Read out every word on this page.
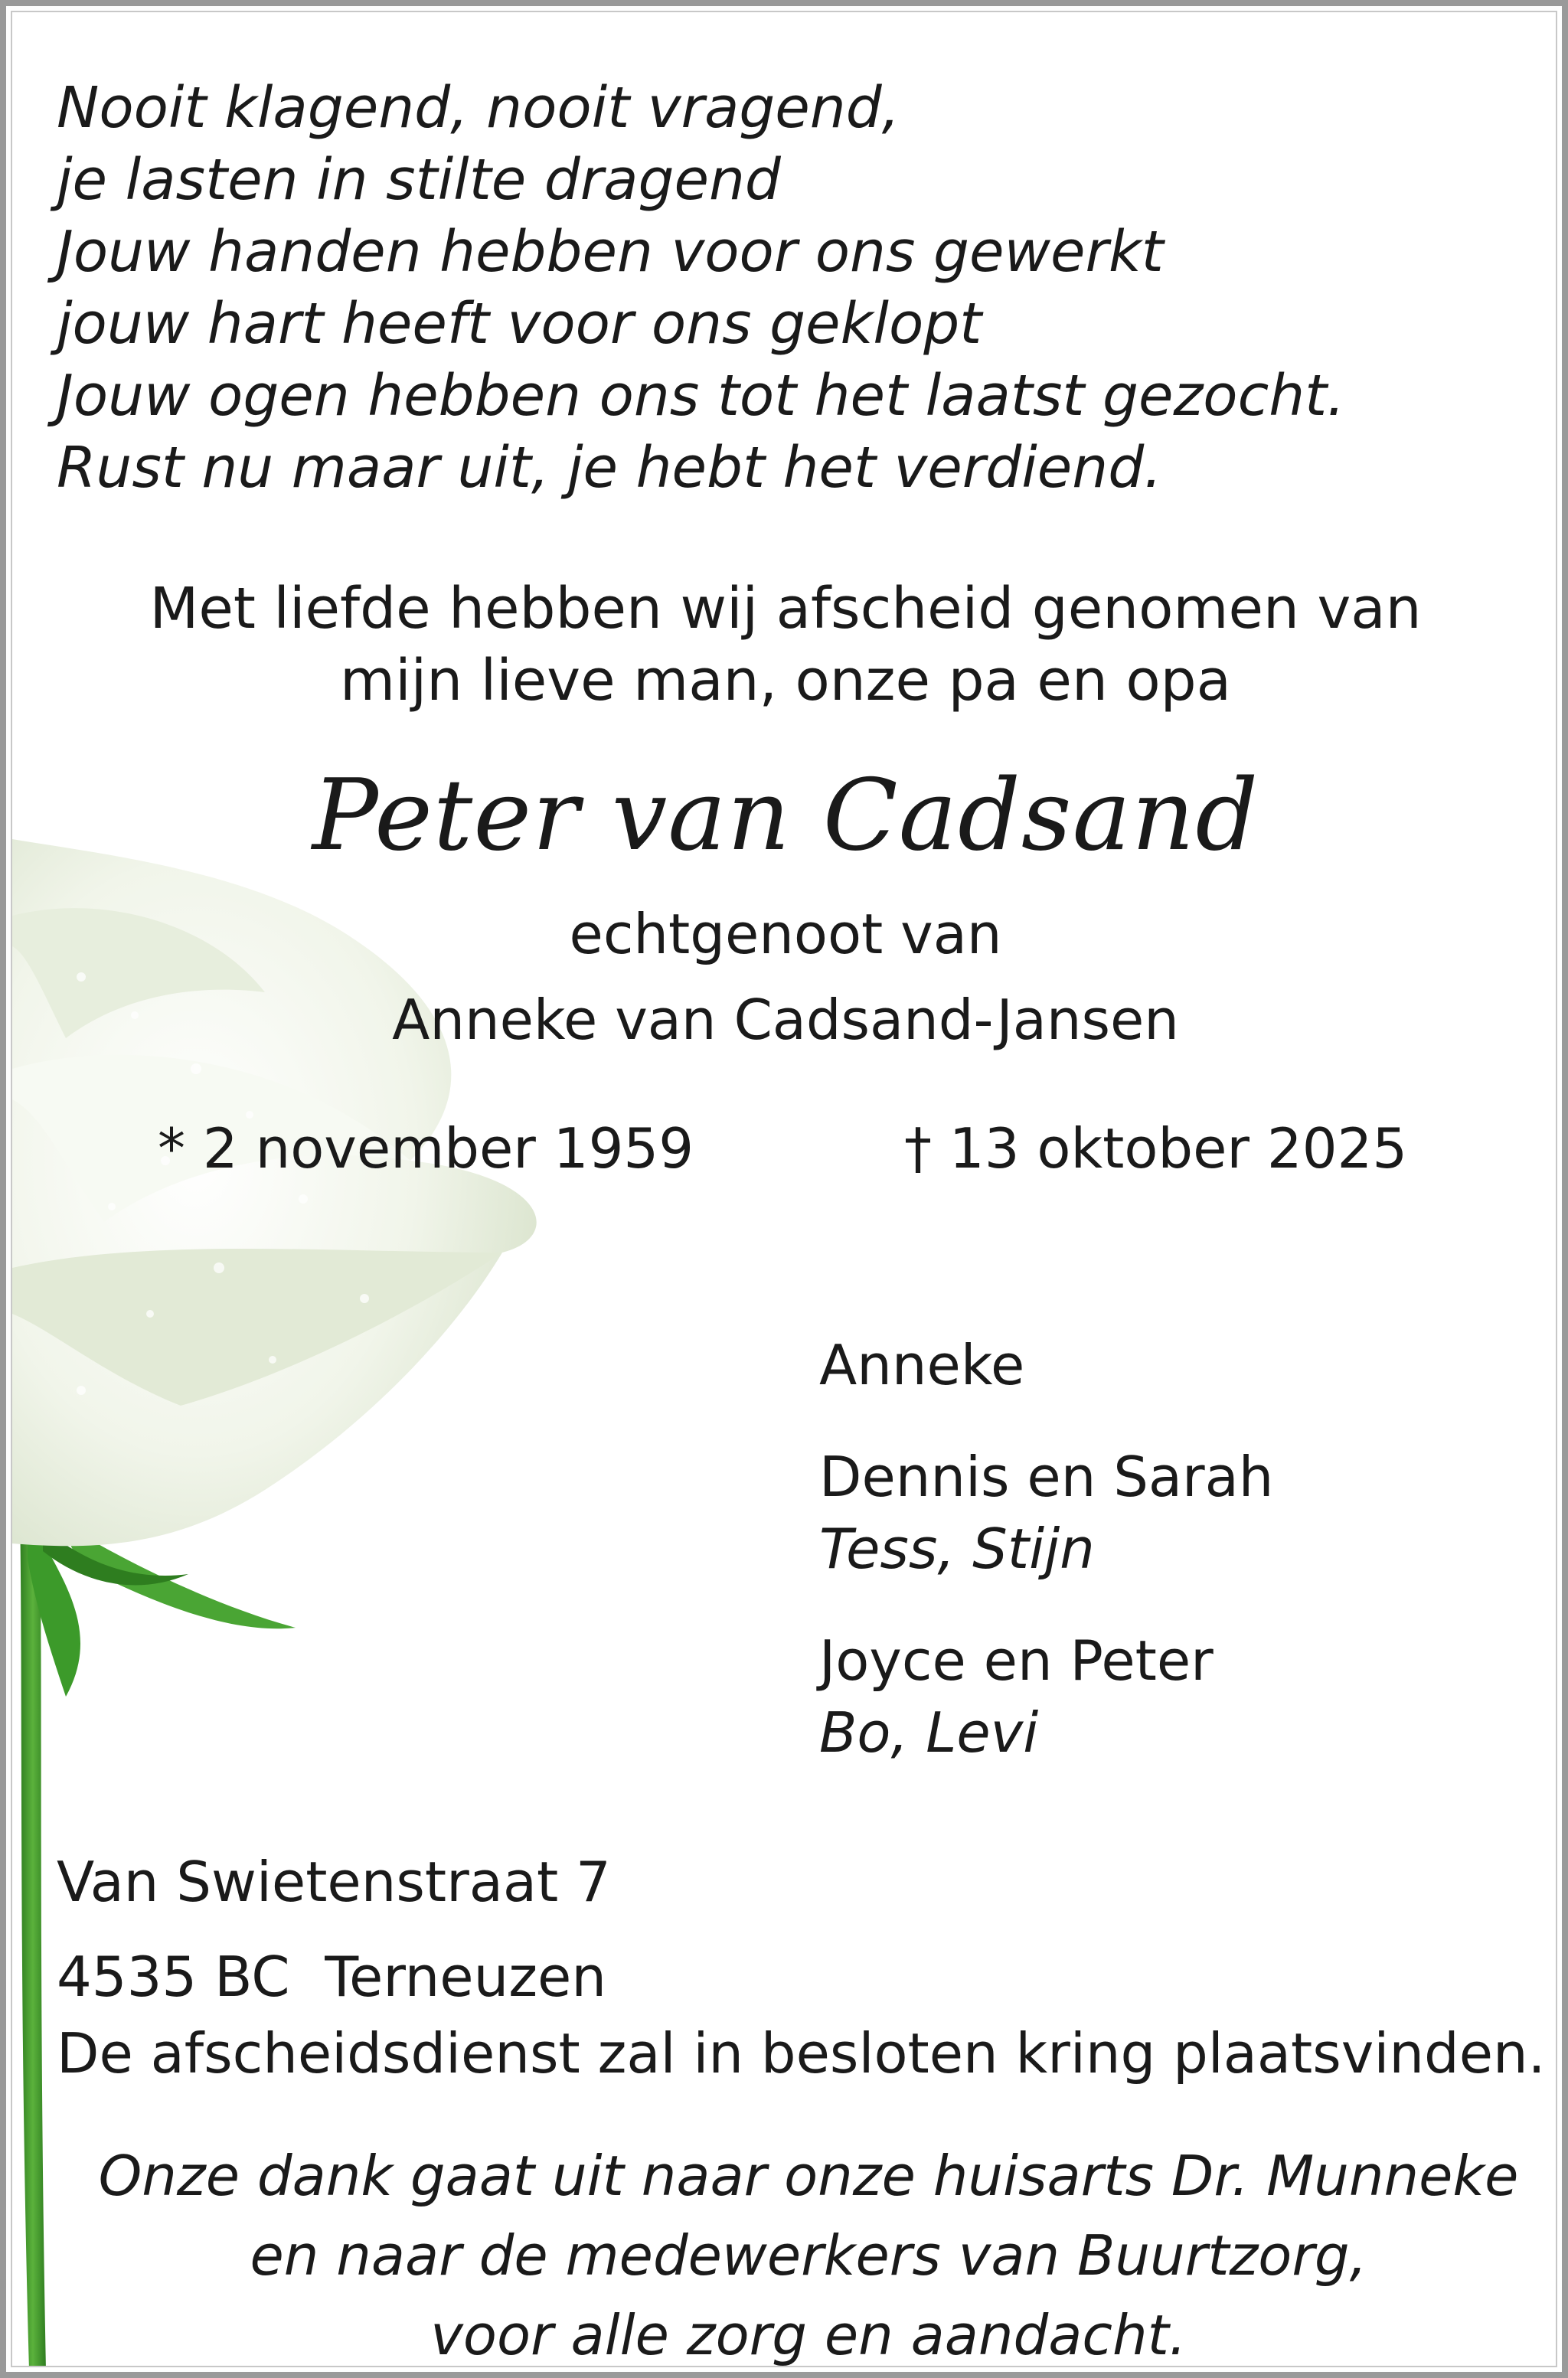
Nooit klagend, nooit vragend,
je lasten in stilte dragend
Jouw handen hebben voor ons gewerkt
jouw hart heeft voor ons geklopt
Jouw ogen hebben ons tot het laatst gezocht.
Rust nu maar uit, je hebt het verdiend.
Met liefde hebben wij afscheid genomen van
mijn lieve man, onze pa en opa
Peter van Cadsand
echtgenoot van
Anneke van Cadsand-Jansen
* 2 november 1959	† 13 oktober 2025
Anneke
Dennis en Sarah
Tess, Stijn
Joyce en Peter
Bo, Levi
Van Swietenstraat 7
4535 BC  Terneuzen
De afscheidsdienst zal in besloten kring plaatsvinden.
Onze dank gaat uit naar onze huisarts Dr. Munneke
en naar de medewerkers van Buurtzorg,
voor alle zorg en aandacht.
